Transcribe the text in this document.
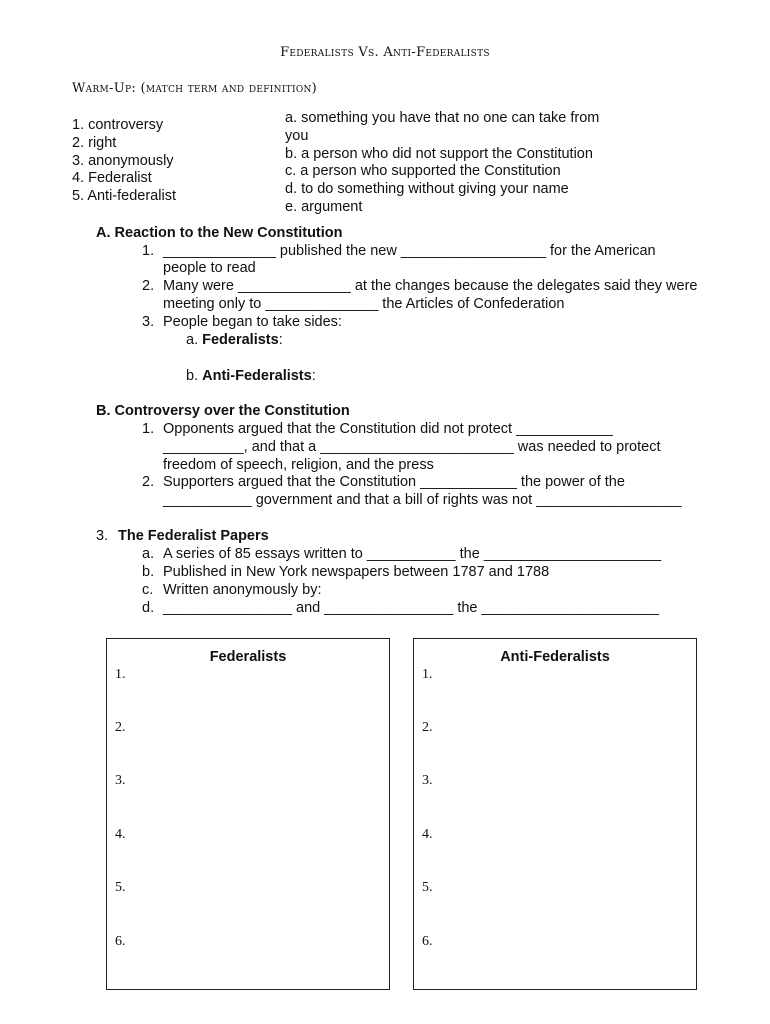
Federalists Vs. Anti-Federalists
Warm-Up: (match term and definition)
1. controversy
2. right
3. anonymously
4. Federalist
5. Anti-federalist
a. something you have that no one can take from
you
b. a person who did not support the Constitution
c. a person who supported the Constitution
d. to do something without giving your name
e. argument
A. Reaction to the New Constitution
1. ______________ published the new __________________ for the American
people to read
2. Many were ______________ at the changes because the delegates said they were
meeting only to ______________ the Articles of Confederation
3. People began to take sides:
a. Federalists:
b. Anti-Federalists:
B. Controversy over the Constitution
1. Opponents argued that the Constitution did not protect ____________
__________, and that a ________________________ was needed to protect
freedom of speech, religion, and the press
2. Supporters argued that the Constitution ____________ the power of the
___________ government and that a bill of rights was not __________________
3. The Federalist Papers
a. A series of 85 essays written to ___________ the ______________________
b. Published in New York newspapers between 1787 and 1788
c. Written anonymously by:
d. ________________ and ________________ the ______________________
Federalists
1.
2.
3.
4.
5.
6.
Anti-Federalists
1.
2.
3.
4.
5.
6.
